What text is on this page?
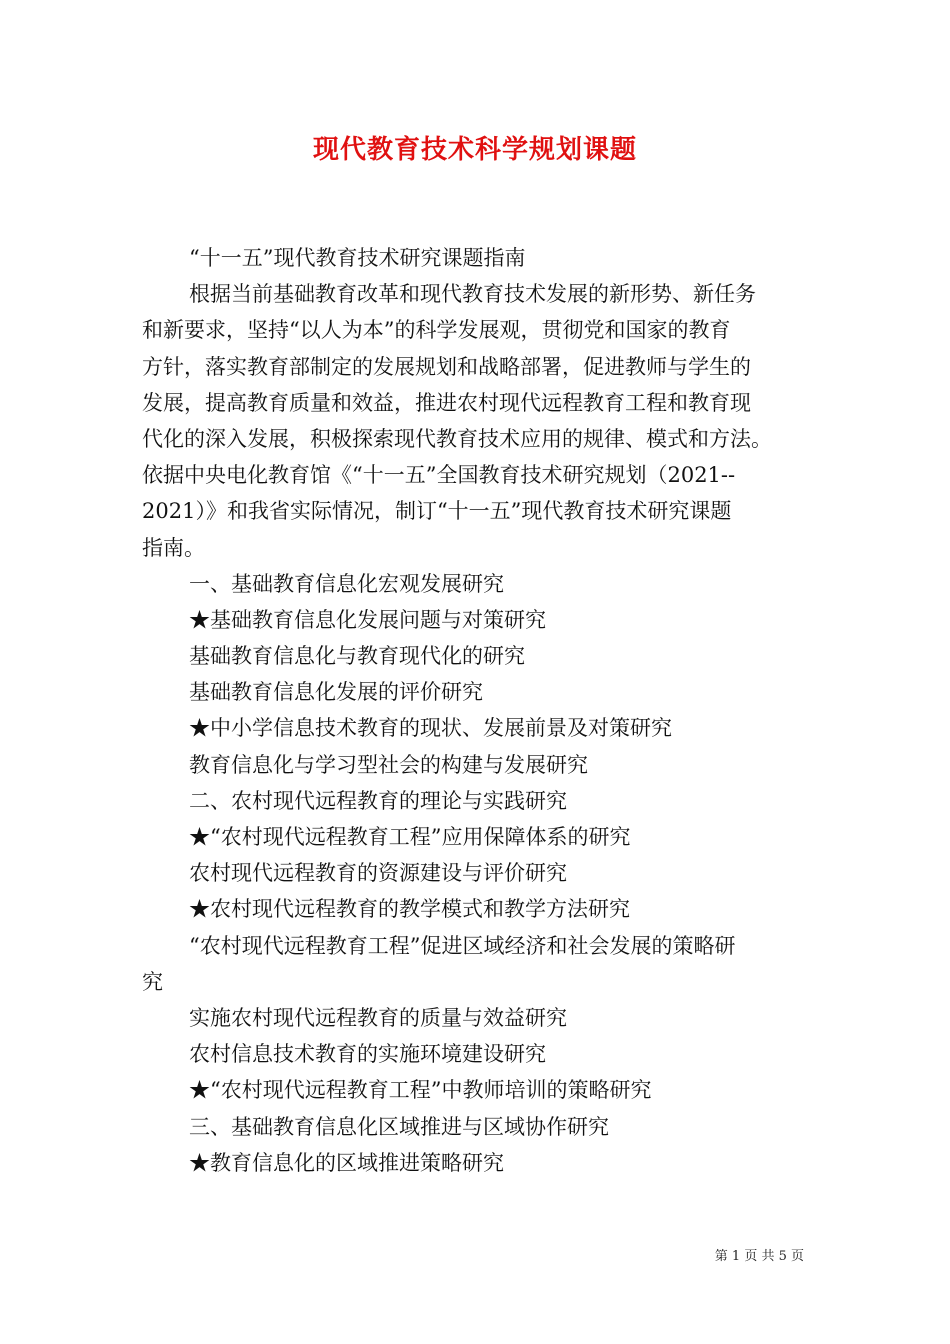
现代教育技术科学规划课题
“十一五”现代教育技术研究课题指南
根据当前基础教育改革和现代教育技术发展的新形势、新任务
和新要求，坚持“以人为本”的科学发展观，贯彻党和国家的教育
方针，落实教育部制定的发展规划和战略部署，促进教师与学生的
发展，提高教育质量和效益，推进农村现代远程教育工程和教育现
代化的深入发展，积极探索现代教育技术应用的规律、模式和方法。
依据中央电化教育馆《“十一五”全国教育技术研究规划（2021--
2021）》和我省实际情况，制订“十一五”现代教育技术研究课题
指南。
一、基础教育信息化宏观发展研究
★基础教育信息化发展问题与对策研究
基础教育信息化与教育现代化的研究
基础教育信息化发展的评价研究
★中小学信息技术教育的现状、发展前景及对策研究
教育信息化与学习型社会的构建与发展研究
二、农村现代远程教育的理论与实践研究
★“农村现代远程教育工程”应用保障体系的研究
农村现代远程教育的资源建设与评价研究
★农村现代远程教育的教学模式和教学方法研究
“农村现代远程教育工程”促进区域经济和社会发展的策略研
究
实施农村现代远程教育的质量与效益研究
农村信息技术教育的实施环境建设研究
★“农村现代远程教育工程”中教师培训的策略研究
三、基础教育信息化区域推进与区域协作研究
★教育信息化的区域推进策略研究
第 1 页 共 5 页
